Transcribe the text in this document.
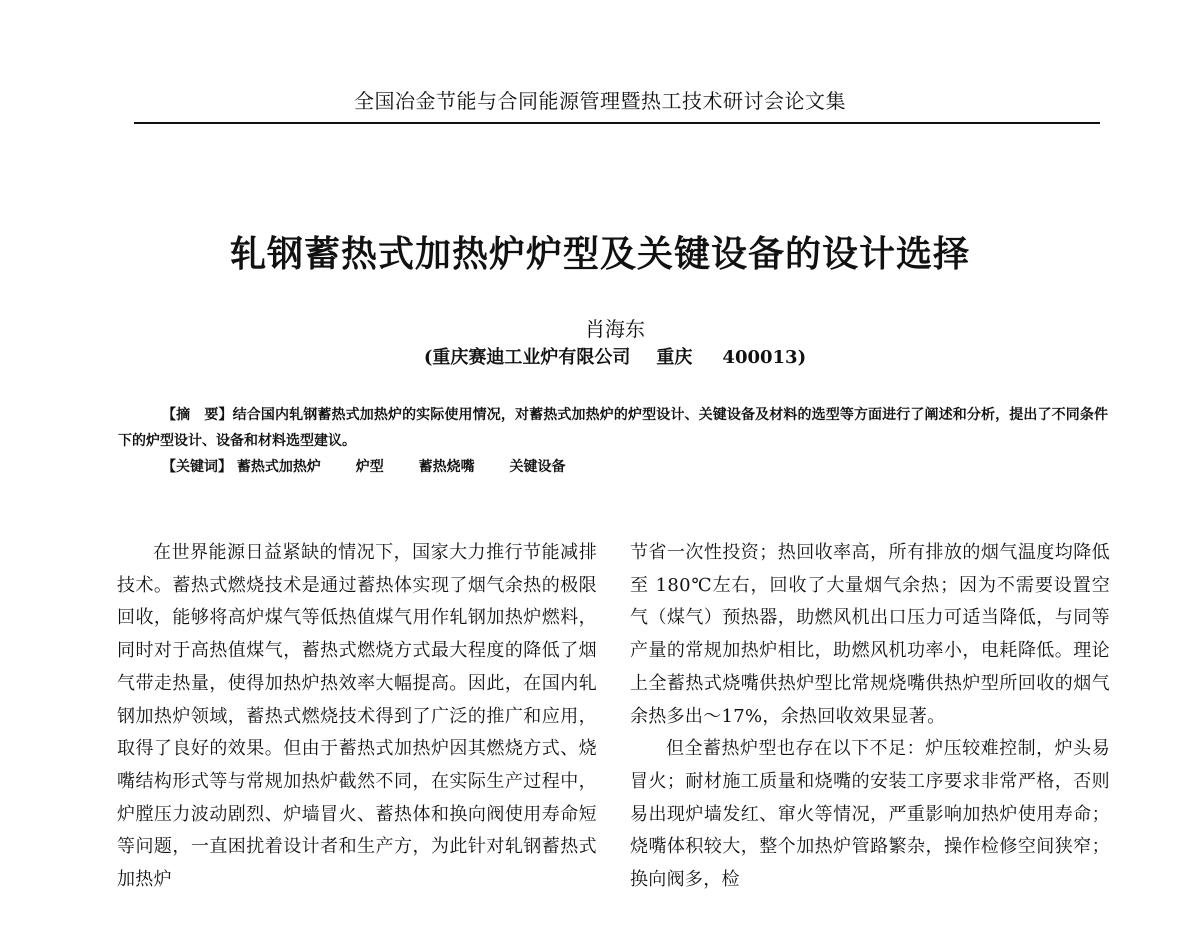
全国冶金节能与合同能源管理暨热工技术研讨会论文集
轧钢蓄热式加热炉炉型及关键设备的设计选择
肖海东
(重庆赛迪工业炉有限公司 重庆 400013)
【摘　要】结合国内轧钢蓄热式加热炉的实际使用情况，对蓄热式加热炉的炉型设计、关键设备及材料的选型等方面进行了阐述和分析，提出了不同条件下的炉型设计、设备和材料选型建议。
【关键词】 蓄热式加热炉 炉型 蓄热烧嘴 关键设备

在世界能源日益紧缺的情况下，国家大力推行节能减排技术。蓄热式燃烧技术是通过蓄热体实现了烟气余热的极限回收，能够将高炉煤气等低热值煤气用作轧钢加热炉燃料，同时对于高热值煤气，蓄热式燃烧方式最大程度的降低了烟气带走热量，使得加热炉热效率大幅提高。因此，在国内轧钢加热炉领域，蓄热式燃烧技术得到了广泛的推广和应用，取得了良好的效果。但由于蓄热式加热炉因其燃烧方式、烧嘴结构形式等与常规加热炉截然不同，在实际生产过程中，炉膛压力波动剧烈、炉墙冒火、蓄热体和换向阀使用寿命短等问题，一直困扰着设计者和生产方，为此针对轧钢蓄热式加热炉

节省一次性投资；热回收率高，所有排放的烟气温度均降低至 180℃左右，回收了大量烟气余热；因为不需要设置空气（煤气）预热器，助燃风机出口压力可适当降低，与同等产量的常规加热炉相比，助燃风机功率小，电耗降低。理论上全蓄热式烧嘴供热炉型比常规烧嘴供热炉型所回收的烟气余热多出～17%，余热回收效果显著。

但全蓄热炉型也存在以下不足：炉压较难控制，炉头易冒火；耐材施工质量和烧嘴的安装工序要求非常严格，否则易出现炉墙发红、窜火等情况，严重影响加热炉使用寿命；烧嘴体积较大，整个加热炉管路繁杂，操作检修空间狭窄；换向阀多，检
